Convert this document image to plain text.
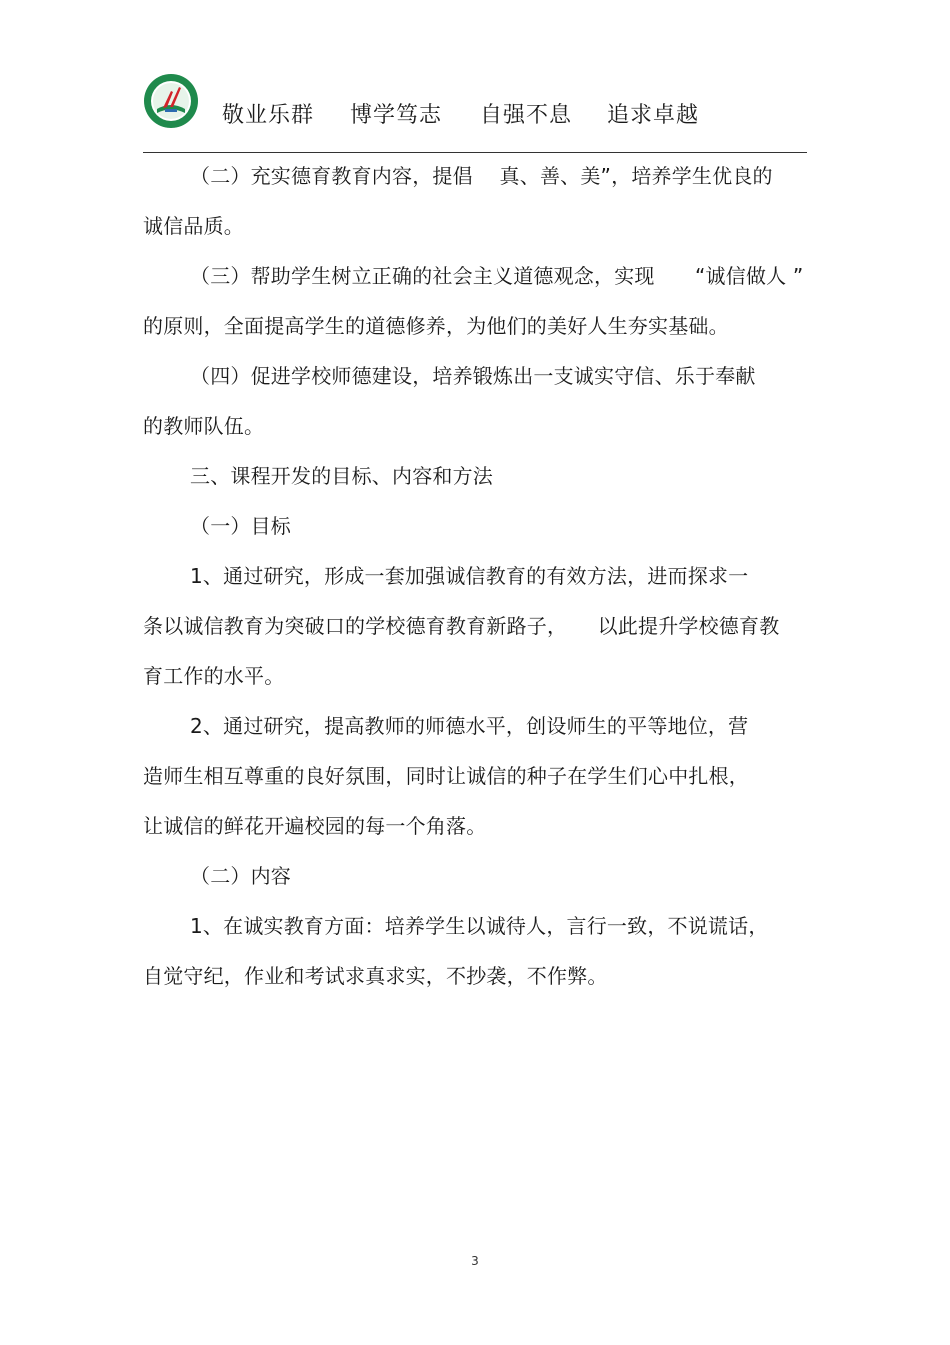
敬业乐群 博学笃志 自强不息 追求卓越
（二）充实德育教育内容，提倡　 真、善、美”，培养学生优良的
诚信品质。
（三）帮助学生树立正确的社会主义道德观念，实现　　“诚信做人 ”
的原则，全面提高学生的道德修养，为他们的美好人生夯实基础。
（四）促进学校师德建设，培养锻炼出一支诚实守信、乐于奉献
的教师队伍。
三、课程开发的目标、内容和方法
（一）目标
1、通过研究，形成一套加强诚信教育的有效方法，进而探求一
条以诚信教育为突破口的学校德育教育新路子，　　以此提升学校德育教
育工作的水平。
2、通过研究，提高教师的师德水平，创设师生的平等地位，营
造师生相互尊重的良好氛围，同时让诚信的种子在学生们心中扎根，
让诚信的鲜花开遍校园的每一个角落。
（二）内容
1、在诚实教育方面：培养学生以诚待人，言行一致，不说谎话，
自觉守纪，作业和考试求真求实，不抄袭，不作弊。
3
